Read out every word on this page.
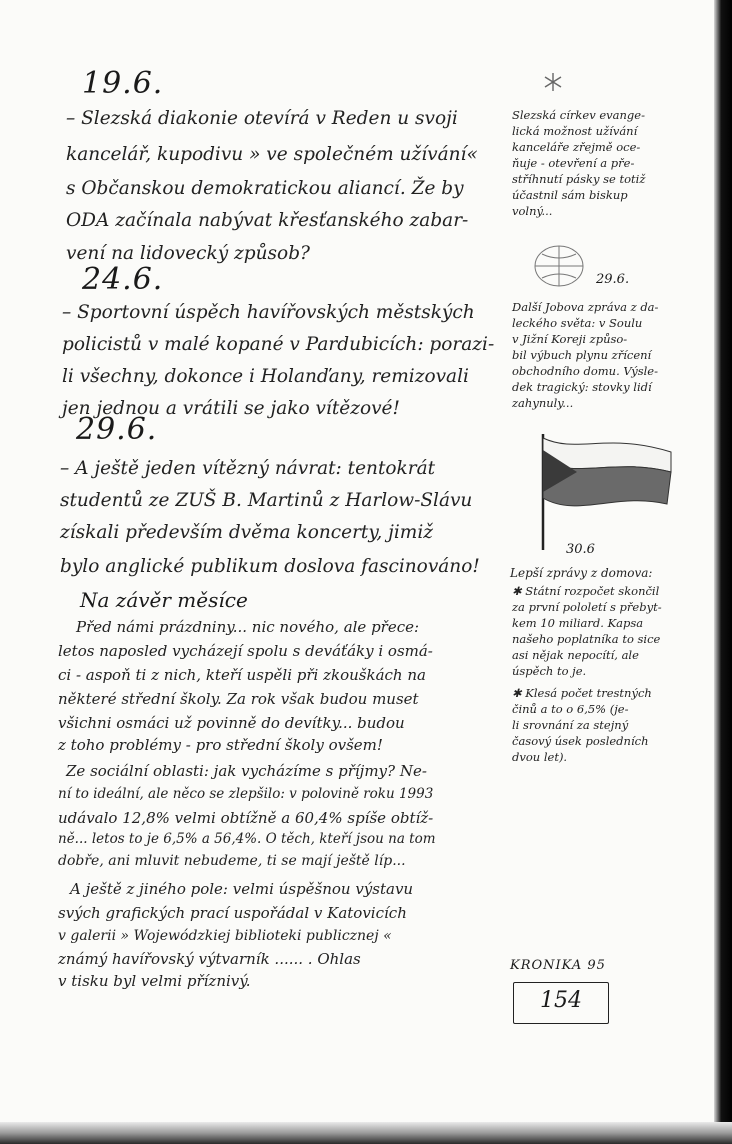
19.6.
– Slezská diakonie otevírá v Reden u svoji
kancelář, kupodivu » ve společném užívání«
s Občanskou demokratickou aliancí. Že by
ODA začínala nabývat křesťanského zabar-
vení na lidovecký způsob?
24.6.
– Sportovní úspěch havířovských městských
policistů v malé kopané v Pardubicích: porazi-
li všechny, dokonce i Holanďany, remizovali
jen jednou a vrátili se jako vítězové!
29.6.
– A ještě jeden vítězný návrat: tentokrát
studentů ze ZUŠ B. Martinů z Harlow-Slávu
získali především dvěma koncerty, jimiž
bylo anglické publikum doslova fascinováno!
Na závěr měsíce
Před námi prázdniny... nic nového, ale přece:
letos naposled vycházejí spolu s deváťáky i osmá-
ci - aspoň ti z nich, kteří uspěli při zkouškách na
některé střední školy. Za rok však budou muset
všichni osmáci už povinně do devítky... budou
z toho problémy - pro střední školy ovšem!
Ze sociální oblasti: jak vycházíme s příjmy? Ne-
ní to ideální, ale něco se zlepšilo: v polovině roku 1993
udávalo 12,8% velmi obtížně a 60,4% spíše obtíž-
ně... letos to je 6,5% a 56,4%. O těch, kteří jsou na tom
dobře, ani mluvit nebudeme, ti se mají ještě líp...
A ještě z jiného pole: velmi úspěšnou výstavu
svých grafických prací uspořádal v Katovicích
v galerii » Wojewódzkiej biblioteki publicznej «
známý havířovský výtvarník ...... . Ohlas
v tisku byl velmi příznivý.
Slezská církev evange-
lická možnost užívání
kanceláře zřejmě oce-
ňuje - otevření a pře-
stříhnutí pásky se totiž
účastnil sám biskup
volný...
29.6.
Další Jobova zpráva z da-
leckého světa: v Soulu
v Jižní Koreji způso-
bil výbuch plynu zřícení
obchodního domu. Výsle-
dek tragický: stovky lidí
zahynuly...
30.6
Lepší zprávy z domova:
✱ Státní rozpočet skončil
za první pololetí s přebyt-
kem 10 miliard. Kapsa
našeho poplatníka to sice
asi nějak nepocítí, ale
úspěch to je.
✱ Klesá počet trestných
činů a to o 6,5% (je-
li srovnání za stejný
časový úsek posledních
dvou let).
KRONIKA 95
154
